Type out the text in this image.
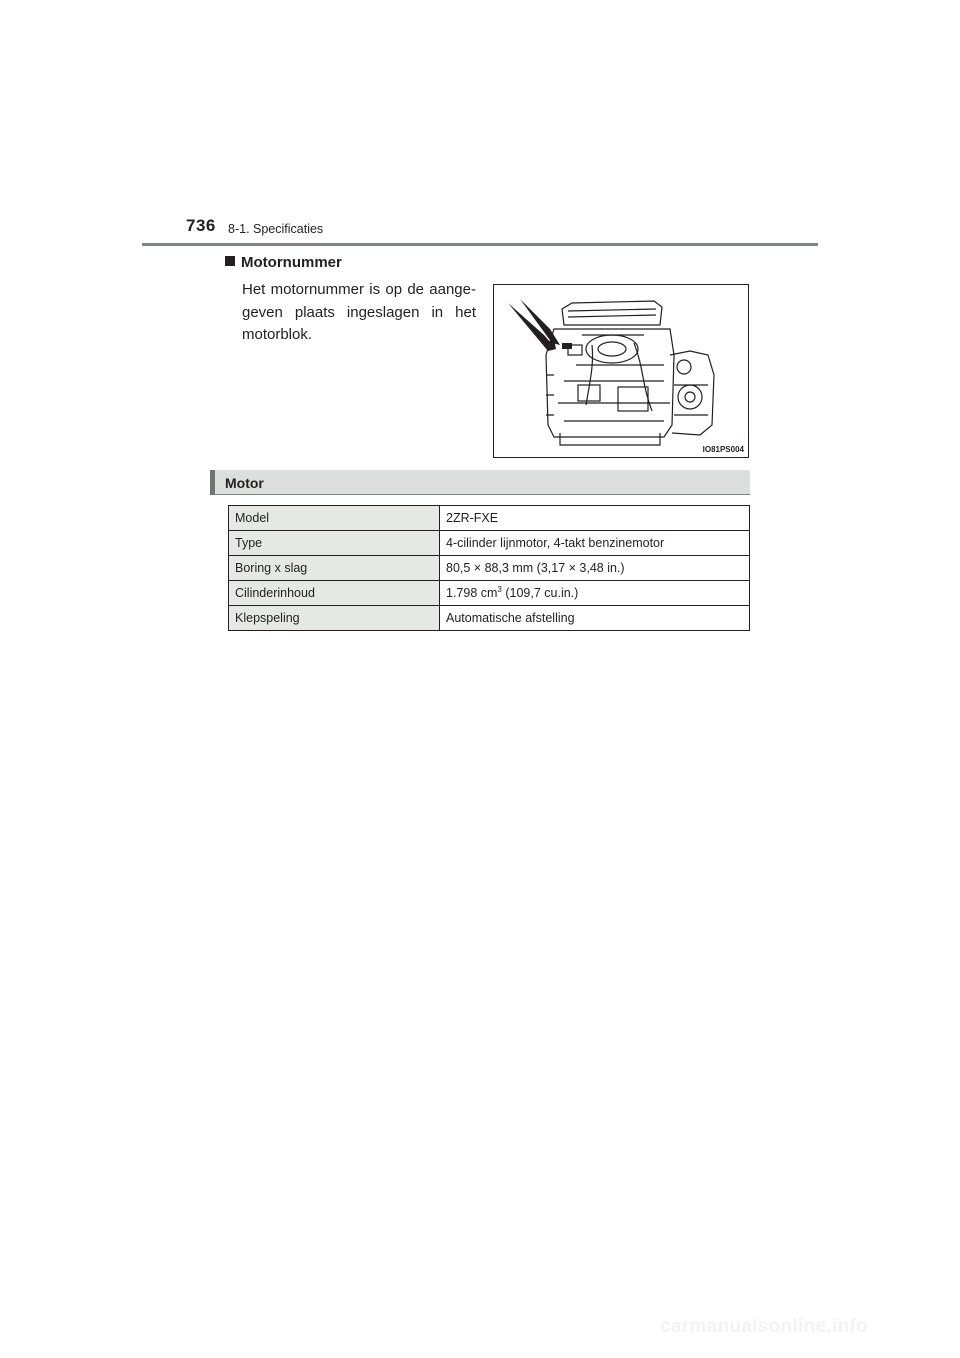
736 8-1. Specificaties
Motornummer
Het motornummer is op de aange-geven plaats ingeslagen in het motorblok.
IO81PS004
Motor
Model	2ZR-FXE
Type	4-cilinder lijnmotor, 4-takt benzinemotor
Boring x slag	80,5 × 88,3 mm (3,17 × 3,48 in.)
Cilinderinhoud	1.798 $cm^3$ (109,7 cu.in.)
Klepspeling	Automatische afstelling
carmanualsonline.info
